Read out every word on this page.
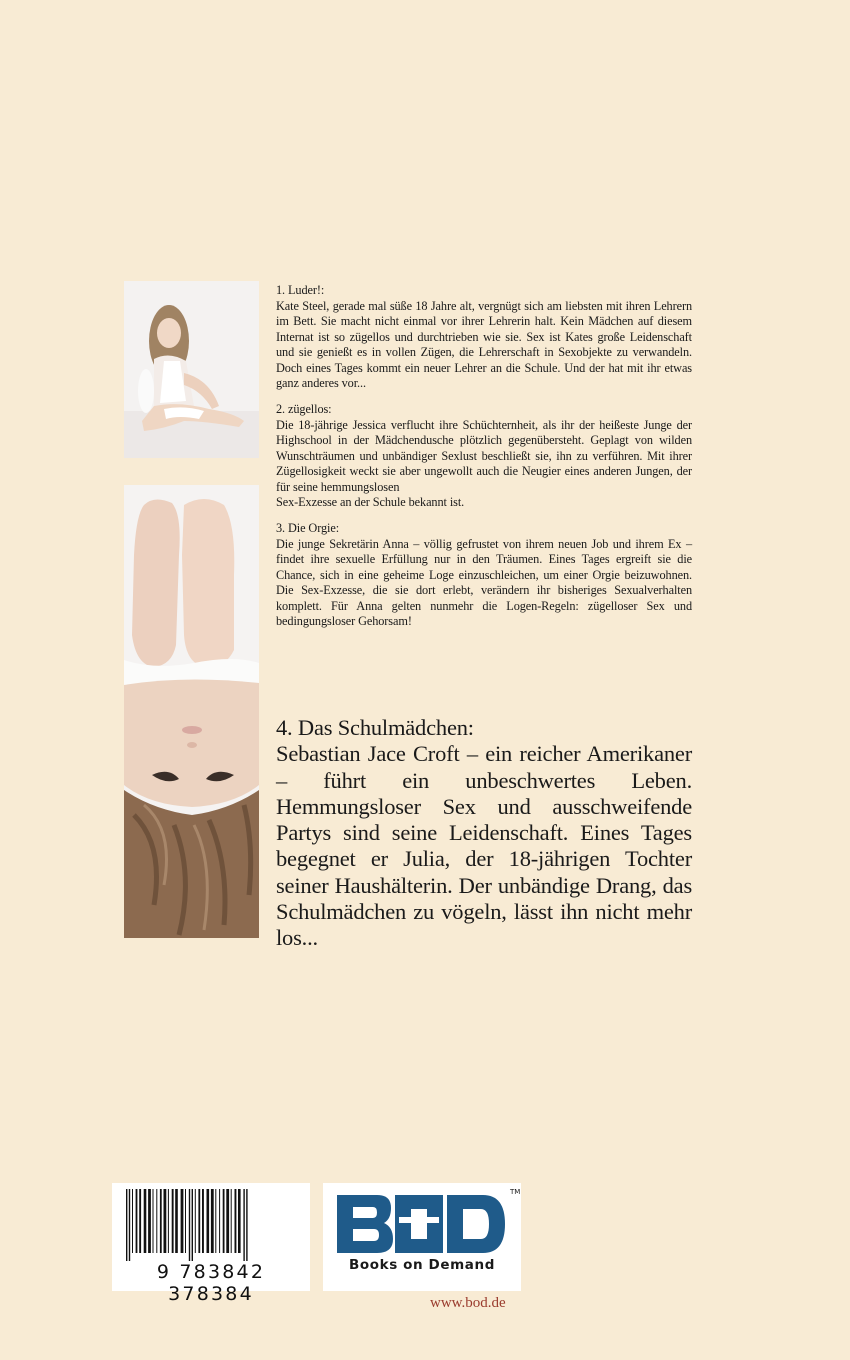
1. Luder!:
Kate Steel, gerade mal süße 18 Jahre alt, vergnügt sich am liebsten mit ihren Lehrern im Bett. Sie macht nicht einmal vor ihrer Lehrerin halt. Kein Mädchen auf diesem Internat ist so zügellos und durchtrieben wie sie. Sex ist Kates große Leidenschaft und sie genießt es in vollen Zügen, die Lehrerschaft in Sexobjekte zu verwandeln. Doch eines Tages kommt ein neuer Lehrer an die Schule. Und der hat mit ihr etwas ganz anderes vor...
2. zügellos:
Die 18-jährige Jessica verflucht ihre Schüchternheit, als ihr der heißeste Junge der Highschool in der Mädchendusche plötzlich gegenübersteht. Geplagt von wilden Wunschträumen und unbändiger Sexlust beschließt sie, ihn zu verführen. Mit ihrer Zügellosigkeit weckt sie aber ungewollt auch die Neugier eines anderen Jungen, der für seine hemmungslosen
Sex-Exzesse an der Schule bekannt ist.
3. Die Orgie:
Die junge Sekretärin Anna – völlig gefrustet von ihrem neuen Job und ihrem Ex – findet ihre sexuelle Erfüllung nur in den Träumen. Eines Tages ergreift sie die Chance, sich in eine geheime Loge einzuschleichen, um einer Orgie beizuwohnen. Die Sex-Exzesse, die sie dort erlebt, verändern ihr bisheriges Sexualverhalten komplett. Für Anna gelten nunmehr die Logen-Regeln: zügelloser Sex und bedingungsloser Gehorsam!
4. Das Schulmädchen:
Sebastian Jace Croft – ein reicher Amerikaner – führt ein unbeschwertes Leben. Hemmungsloser Sex und ausschweifende Partys sind seine Leidenschaft. Eines Tages begegnet er Julia, der 18-jährigen Tochter seiner Haushälterin. Der unbändige Drang, das Schulmädchen zu vögeln, lässt ihn nicht mehr los...
9 783842 378384
TM
Books on Demand
www.bod.de
